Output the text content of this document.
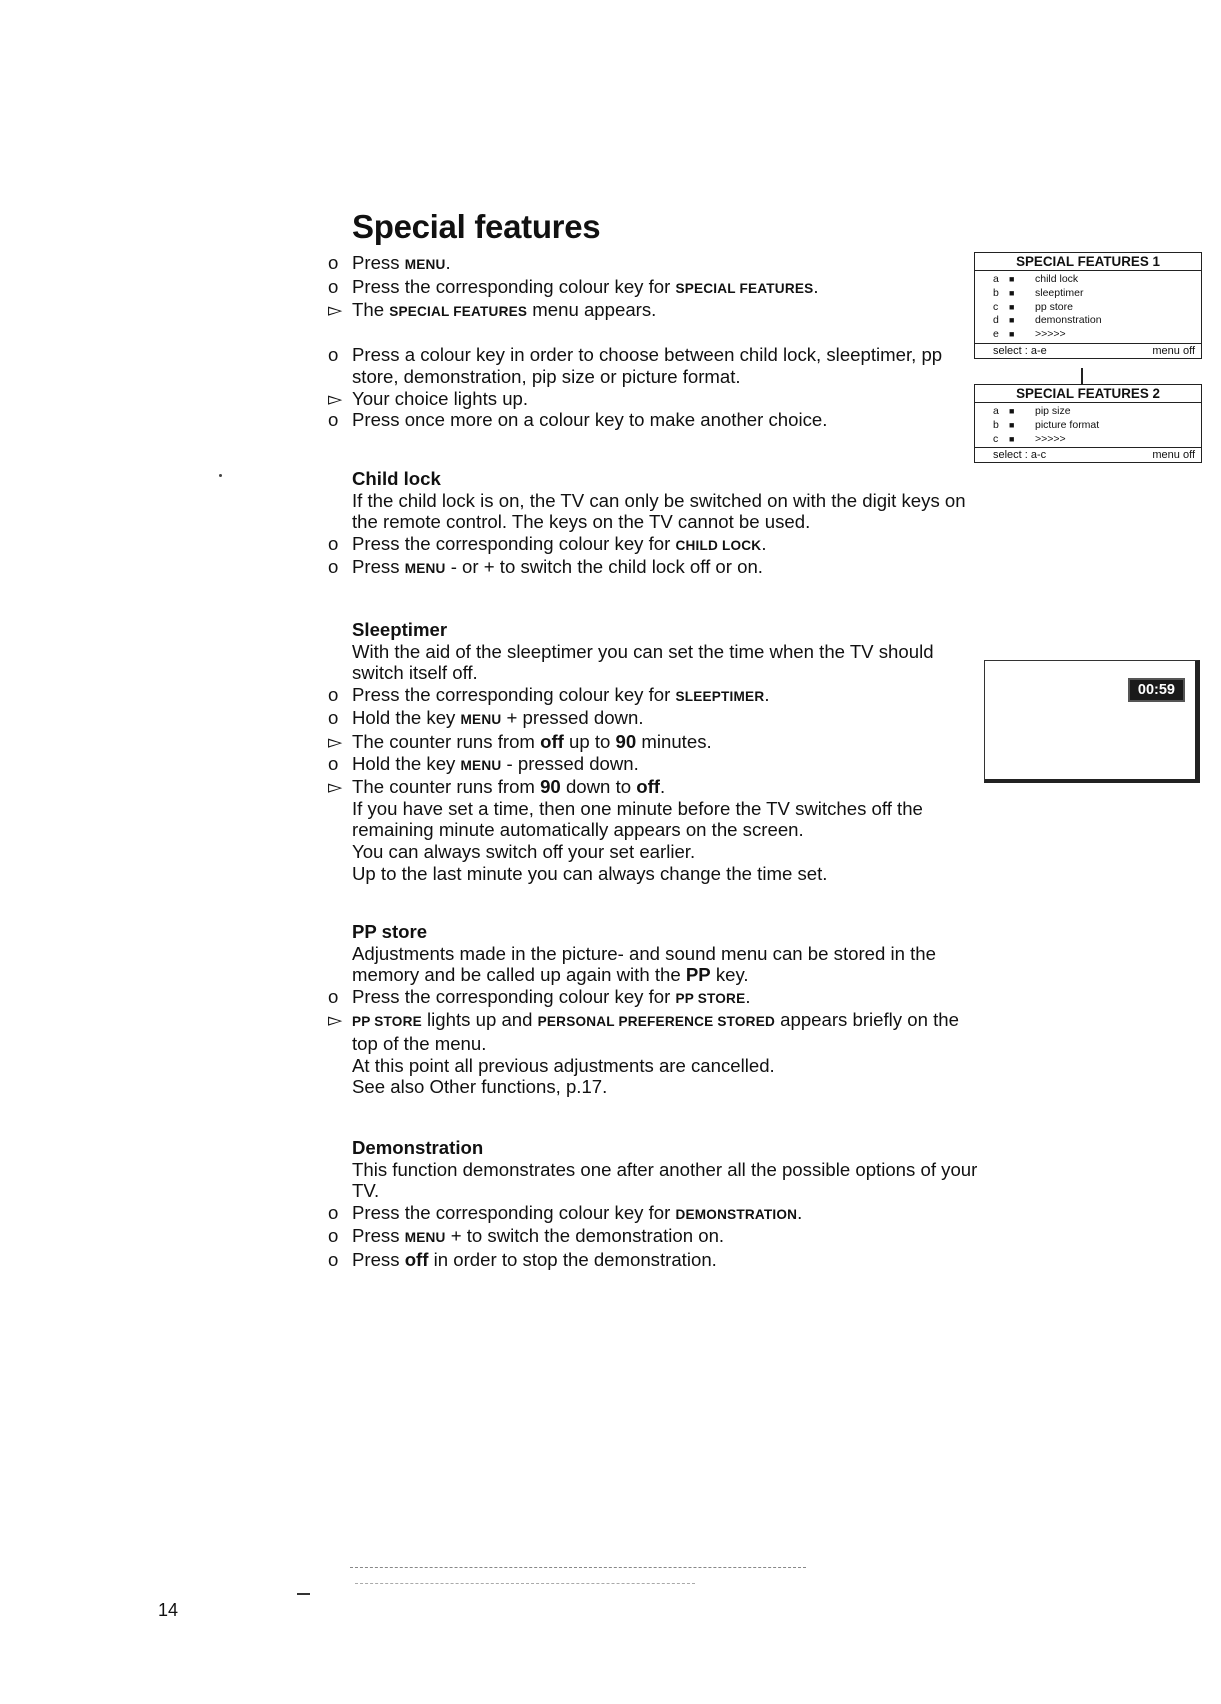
Special features
o Press MENU.
o Press the corresponding colour key for SPECIAL FEATURES.
▻ The SPECIAL FEATURES menu appears.
o Press a colour key in order to choose between child lock, sleeptimer, pp store, demonstration, pip size or picture format.
▻ Your choice lights up.
o Press once more on a colour key to make another choice.
Child lock
If the child lock is on, the TV can only be switched on with the digit keys on the remote control. The keys on the TV cannot be used.
o Press the corresponding colour key for CHILD LOCK.
o Press MENU - or + to switch the child lock off or on.
Sleeptimer
With the aid of the sleeptimer you can set the time when the TV should switch itself off.
o Press the corresponding colour key for SLEEPTIMER.
o Hold the key MENU + pressed down.
▻ The counter runs from off up to 90 minutes.
o Hold the key MENU - pressed down.
▻ The counter runs from 90 down to off.
If you have set a time, then one minute before the TV switches off the remaining minute automatically appears on the screen.
You can always switch off your set earlier.
Up to the last minute you can always change the time set.
PP store
Adjustments made in the picture- and sound menu can be stored in the memory and be called up again with the PP key.
o Press the corresponding colour key for PP STORE.
▻ PP STORE lights up and PERSONAL PREFERENCE STORED appears briefly on the top of the menu.
At this point all previous adjustments are cancelled.
See also Other functions, p.17.
Demonstration
This function demonstrates one after another all the possible options of your TV.
o Press the corresponding colour key for DEMONSTRATION.
o Press MENU + to switch the demonstration on.
o Press off in order to stop the demonstration.
SPECIAL FEATURES 1
a	■	child lock
b	■	sleeptimer
c	■	pp store
d	■	demonstration
e	■	>>>>>
select : a-e	menu off
SPECIAL FEATURES 2
a	■	pip size
b	■	picture format
c	■	>>>>>
select : a-c	menu off
00:59
14
